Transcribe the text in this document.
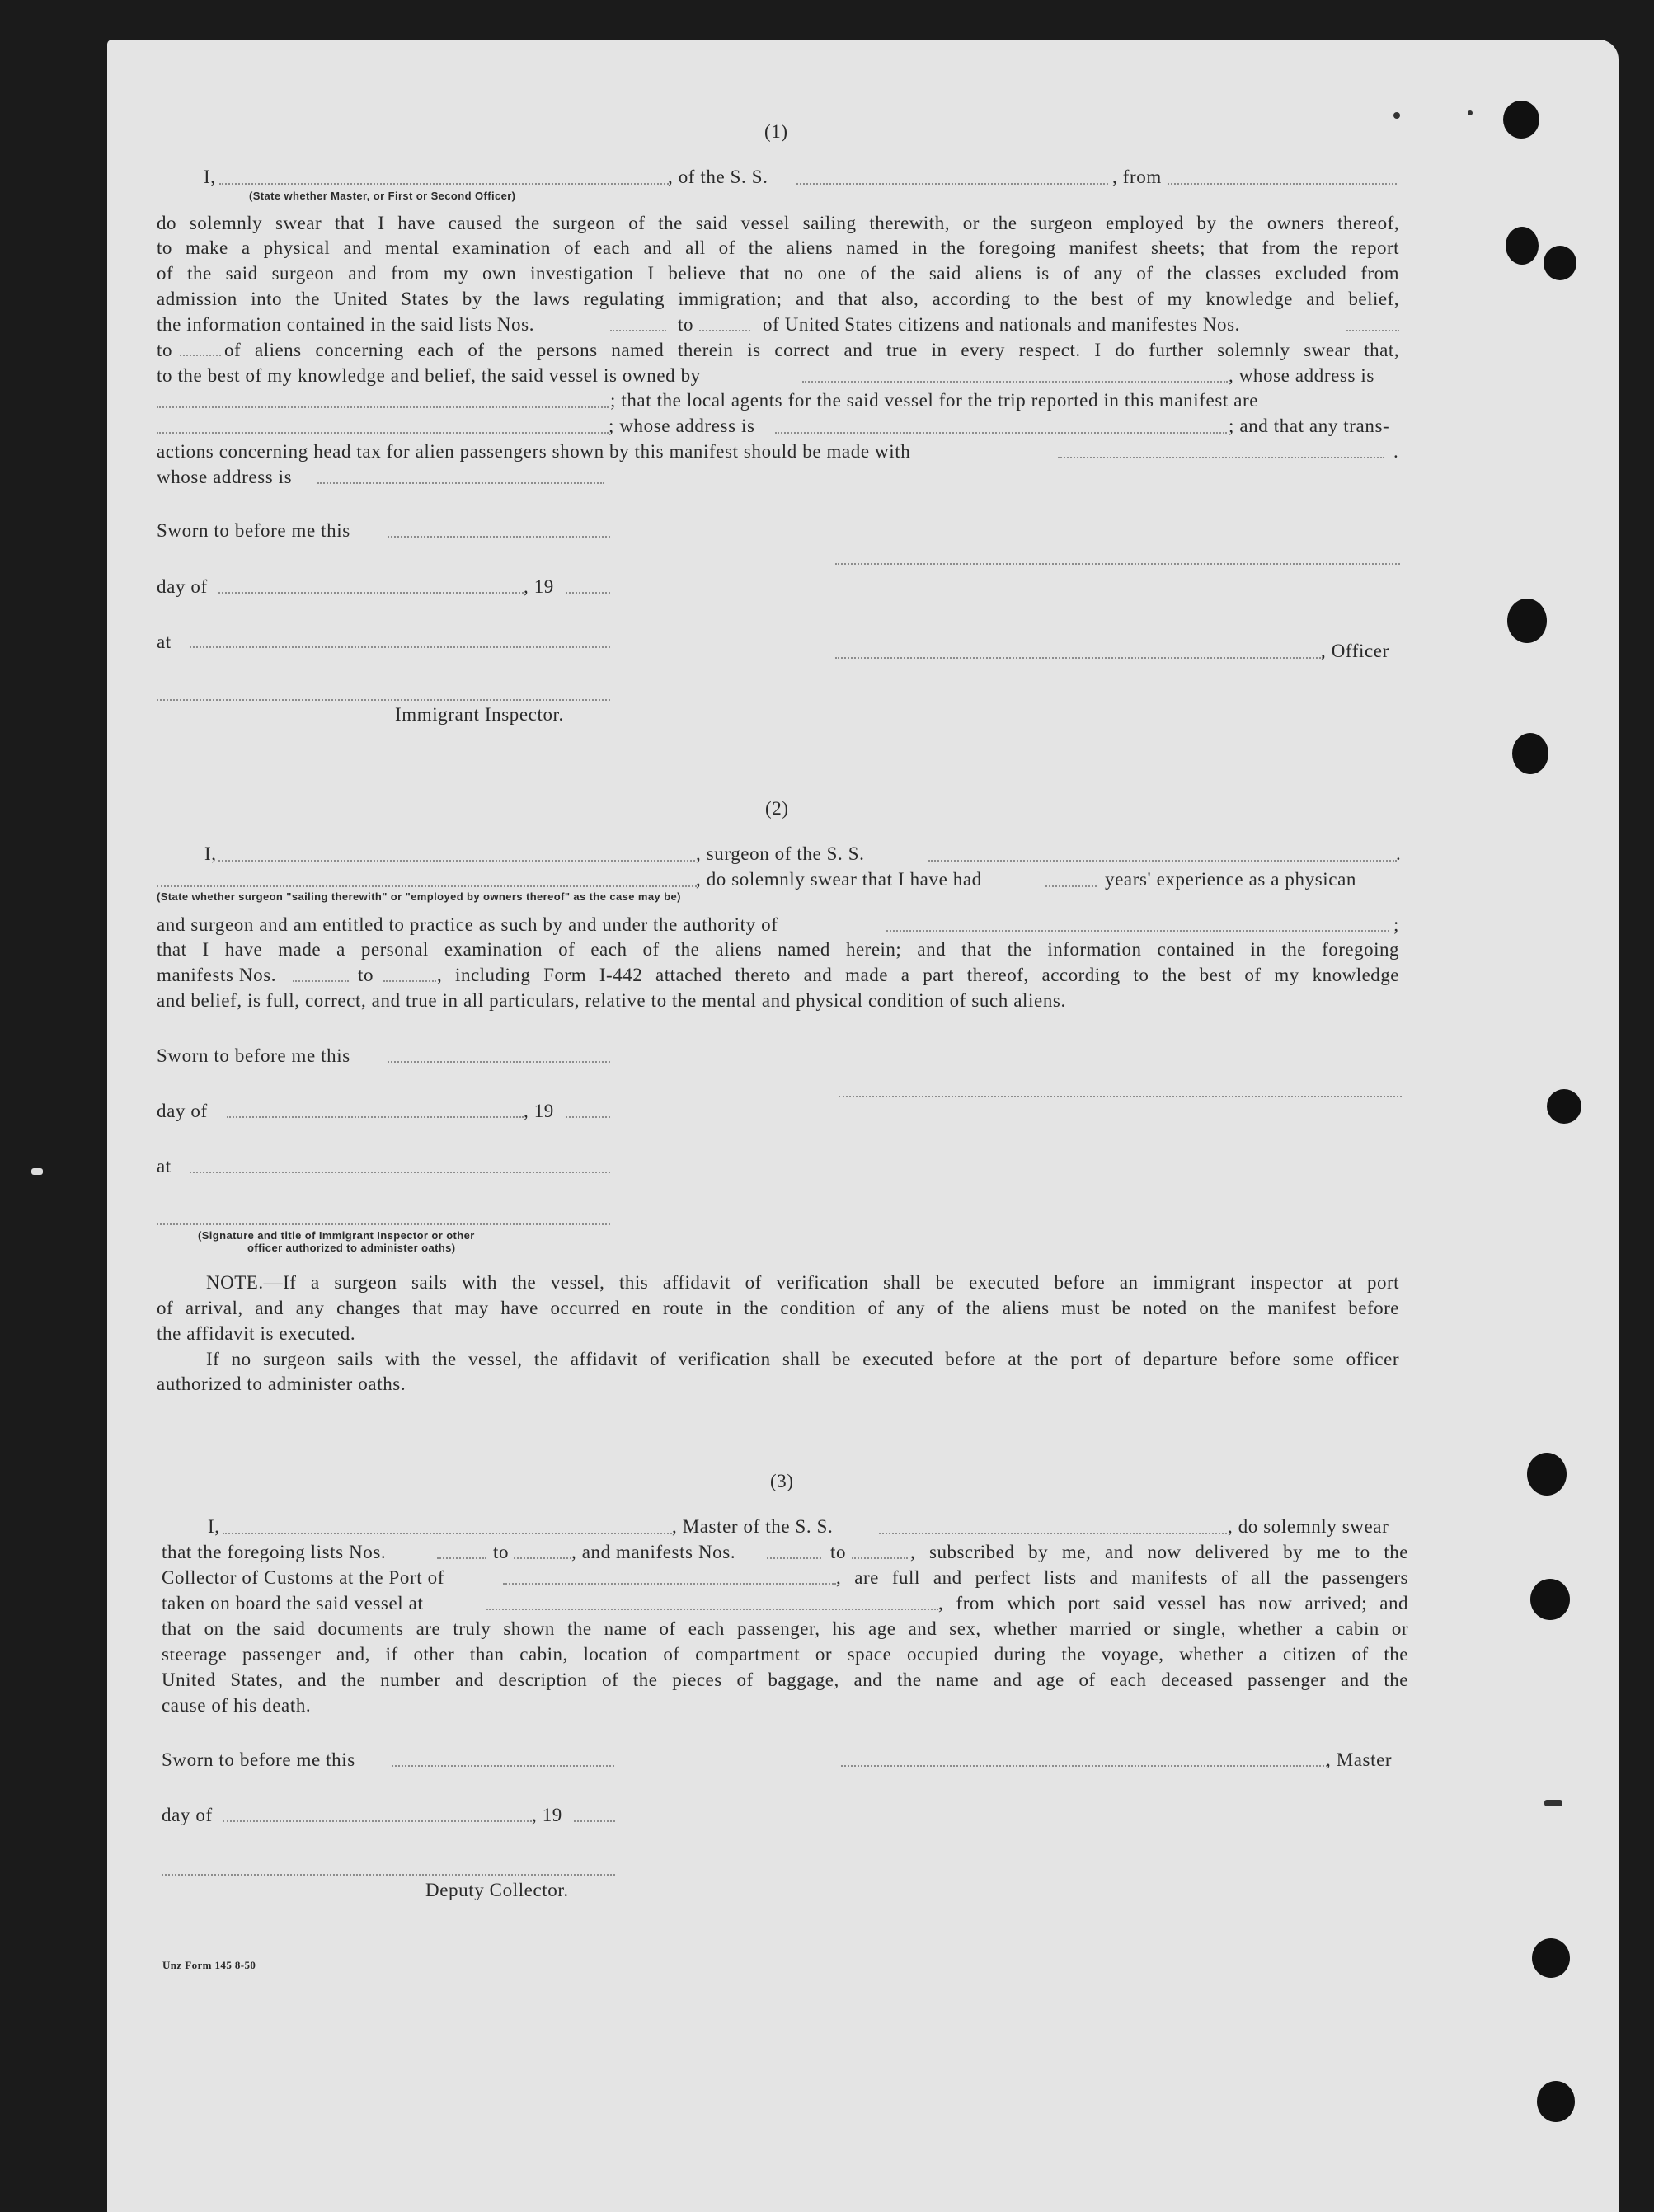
(1)
I,	, of the S. S.	, from
(State whether Master, or First or Second Officer)
do solemnly swear that I have caused the surgeon of the said vessel sailing therewith, or the surgeon employed by the owners thereof,
to make a physical and mental examination of each and all of the aliens named in the foregoing manifest sheets; that from the report
of the said surgeon and from my own investigation I believe that no one of the said aliens is of any of the classes excluded from
admission into the United States by the laws regulating immigration; and that also, according to the best of my knowledge and belief,
the information contained in the said lists Nos.	to	of United States citizens and nationals and manifestes Nos.
to	of aliens concerning each of the persons named therein is correct and true in every respect. I do further solemnly swear that,
to the best of my knowledge and belief, the said vessel is owned by	, whose address is
; that the local agents for the said vessel for the trip reported in this manifest are
; whose address is	; and that any trans-
actions concerning head tax for alien passengers shown by this manifest should be made with	.
whose address is
Sworn to before me this
day of	, 19
at	, Officer
Immigrant Inspector.
(2)
I,	, surgeon of the S. S.	.
, do solemnly swear that I have had	years' experience as a physican
(State whether surgeon "sailing therewith" or "employed by owners thereof" as the case may be)
and surgeon and am entitled to practice as such by and under the authority of	;
that I have made a personal examination of each of the aliens named herein; and that the information contained in the foregoing
manifests Nos.	to	, including Form I-442 attached thereto and made a part thereof, according to the best of my knowledge
and belief, is full, correct, and true in all particulars, relative to the mental and physical condition of such aliens.
Sworn to before me this
day of	, 19
at
(Signature and title of Immigrant Inspector or other
officer authorized to administer oaths)
NOTE.—If a surgeon sails with the vessel, this affidavit of verification shall be executed before an immigrant inspector at port
of arrival, and any changes that may have occurred en route in the condition of any of the aliens must be noted on the manifest before
the affidavit is executed.
If no surgeon sails with the vessel, the affidavit of verification shall be executed before at the port of departure before some officer
authorized to administer oaths.
(3)
I,	, Master of the S. S.	, do solemnly swear
that the foregoing lists Nos.	to	, and manifests Nos.	to	, subscribed by me, and now delivered by me to the
Collector of Customs at the Port of	, are full and perfect lists and manifests of all the passengers
taken on board the said vessel at	, from which port said vessel has now arrived; and
that on the said documents are truly shown the name of each passenger, his age and sex, whether married or single, whether a cabin or
steerage passenger and, if other than cabin, location of compartment or space occupied during the voyage, whether a citizen of the
United States, and the number and description of the pieces of baggage, and the name and age of each deceased passenger and the
cause of his death.
Sworn to before me this	, Master
day of	, 19
Deputy Collector.
Unz Form 145 8-50
